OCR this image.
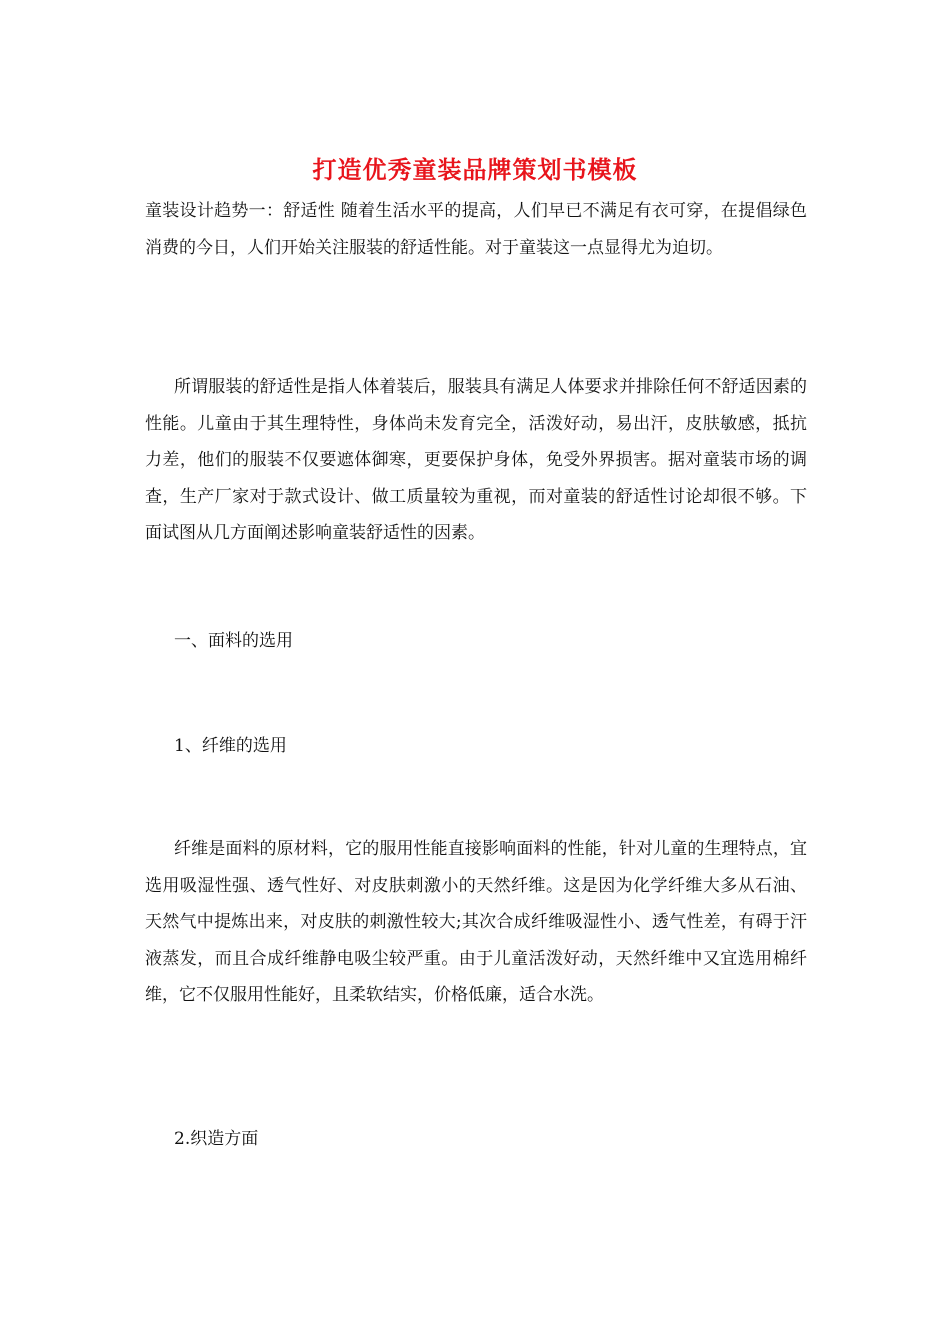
打造优秀童装品牌策划书模板

童装设计趋势一：舒适性 随着生活水平的提高，人们早已不满足有衣可穿，在提倡绿色消费的今日，人们开始关注服装的舒适性能。对于童装这一点显得尤为迫切。

所谓服装的舒适性是指人体着装后，服装具有满足人体要求并排除任何不舒适因素的性能。儿童由于其生理特性，身体尚未发育完全，活泼好动，易出汗，皮肤敏感，抵抗力差，他们的服装不仅要遮体御寒，更要保护身体，免受外界损害。据对童装市场的调查，生产厂家对于款式设计、做工质量较为重视，而对童装的舒适性讨论却很不够。下面试图从几方面阐述影响童装舒适性的因素。

一、面料的选用

1、纤维的选用

纤维是面料的原材料，它的服用性能直接影响面料的性能，针对儿童的生理特点，宜选用吸湿性强、透气性好、对皮肤刺激小的天然纤维。这是因为化学纤维大多从石油、天然气中提炼出来，对皮肤的刺激性较大;其次合成纤维吸湿性小、透气性差，有碍于汗液蒸发，而且合成纤维静电吸尘较严重。由于儿童活泼好动，天然纤维中又宜选用棉纤维，它不仅服用性能好，且柔软结实，价格低廉，适合水洗。

2.织造方面
